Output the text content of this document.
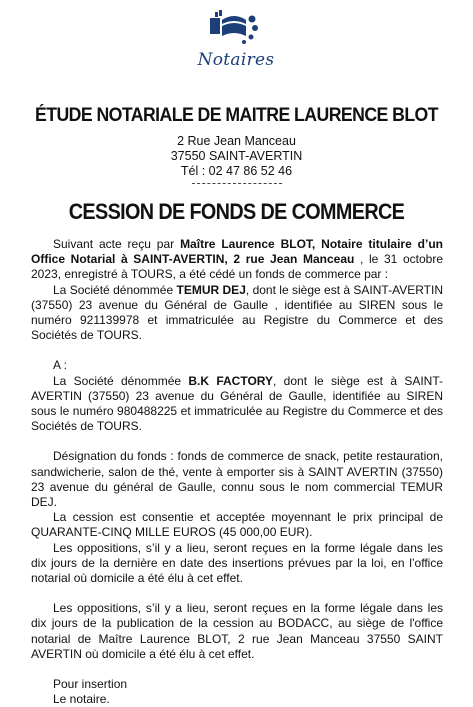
Notaires
ÉTUDE NOTARIALE DE MAITRE LAURENCE BLOT
2 Rue Jean Manceau
37550 SAINT-AVERTIN
Tél : 02 47 86 52 46
CESSION DE FONDS DE COMMERCE

Suivant acte reçu par Maître Laurence BLOT, Notaire titulaire d’un Office Notarial à SAINT-AVERTIN, 2 rue Jean Manceau , le 31 octobre 2023, enregistré à TOURS, a été cédé un fonds de commerce par :

La Société dénommée TEMUR DEJ, dont le siège est à SAINT-AVERTIN (37550) 23 avenue du Général de Gaulle , identifiée au SIREN sous le numéro 921139978 et immatriculée au Registre du Commerce et des Sociétés de TOURS.

A :

La Société dénommée B.K FACTORY, dont le siège est à SAINT-AVERTIN (37550) 23 avenue du Général de Gaulle, identifiée au SIREN sous le numéro 980488225 et immatriculée au Registre du Commerce et des Sociétés de TOURS.

Désignation du fonds : fonds de commerce de snack, petite restauration, sandwicherie, salon de thé, vente à emporter sis à SAINT AVERTIN (37550) 23 avenue du général de Gaulle, connu sous le nom commercial TEMUR DEJ.

La cession est consentie et acceptée moyennant le prix principal de QUARANTE-CINQ MILLE EUROS (45 000,00 EUR).

Les oppositions, s’il y a lieu, seront reçues en la forme légale dans les dix jours de la dernière en date des insertions prévues par la loi, en l’office notarial où domicile a été élu à cet effet.

Les oppositions, s’il y a lieu, seront reçues en la forme légale dans les dix jours de la publication de la cession au BODACC, au siège de l'office notarial de Maître Laurence BLOT, 2 rue Jean Manceau 37550 SAINT AVERTIN où domicile a été élu à cet effet.

Pour insertion

Le notaire.
